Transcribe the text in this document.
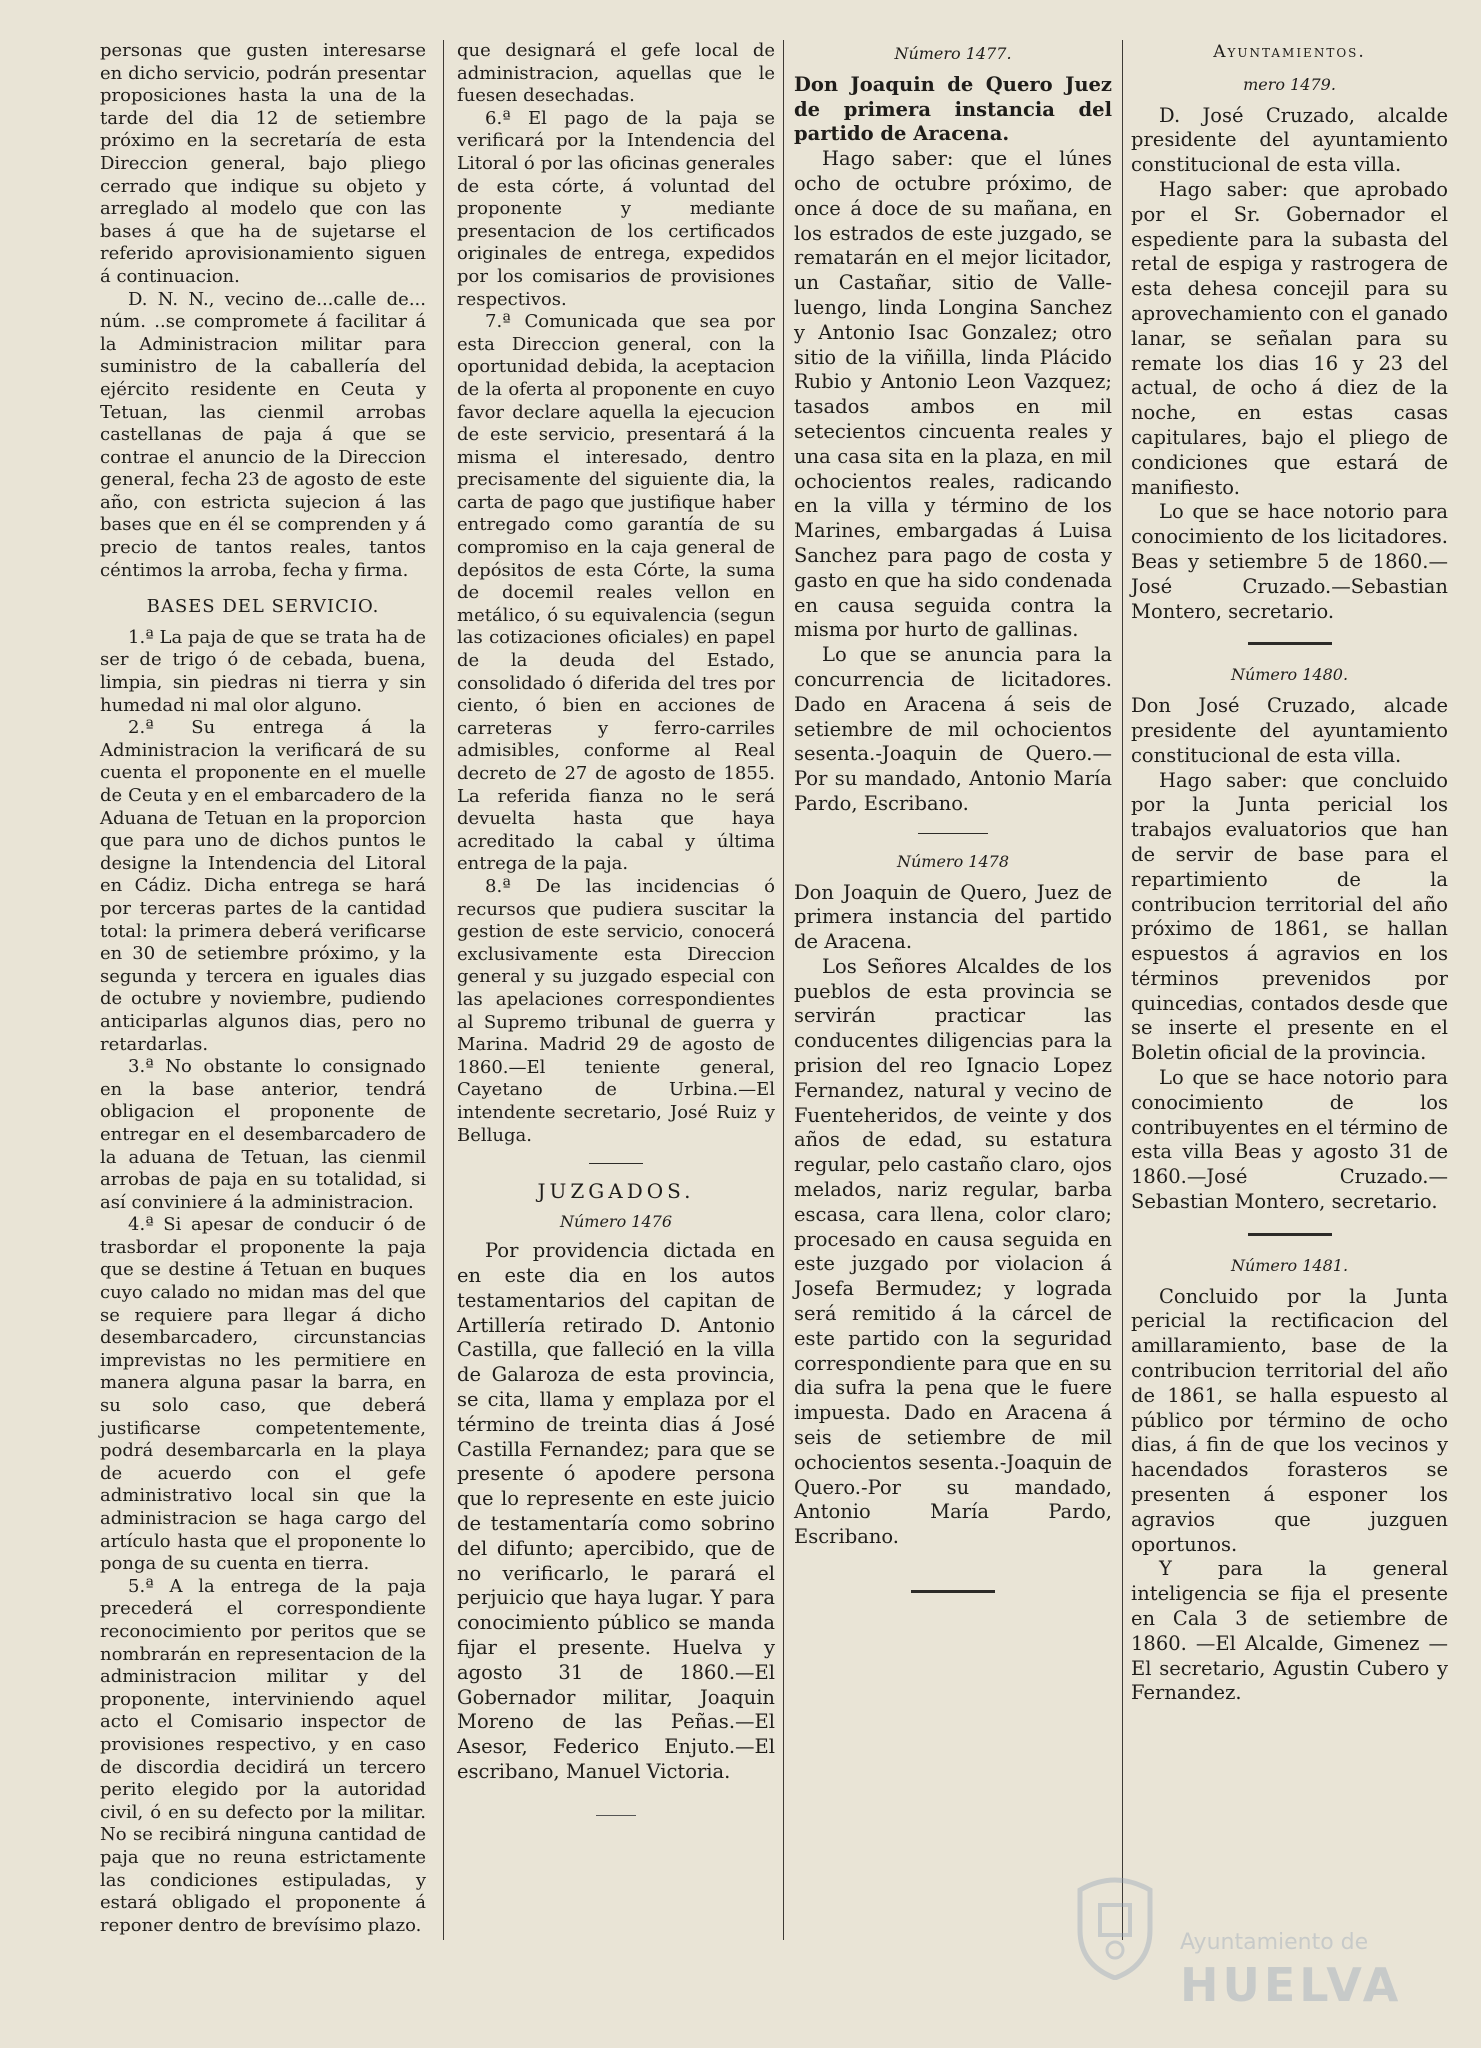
personas que gusten interesarse en dicho servicio, podrán presentar proposiciones hasta la una de la tarde del dia 12 de setiembre próximo en la secretaría de esta Direccion general, bajo pliego cerrado que indique su objeto y arreglado al modelo que con las bases á que ha de sujetarse el referido aprovisionamiento siguen á continuacion.

D. N. N., vecino de...calle de... núm. ..se compromete á facilitar á la Administracion militar para suministro de la caballería del ejército residente en Ceuta y Tetuan, las cienmil arrobas castellanas de paja á que se contrae el anuncio de la Direccion general, fecha 23 de agosto de este año, con estricta sujecion á las bases que en él se comprenden y á precio de tantos reales, tantos céntimos la arroba, fecha y firma.

BASES DEL SERVICIO.

1.ª La paja de que se trata ha de ser de trigo ó de cebada, buena, limpia, sin piedras ni tierra y sin humedad ni mal olor alguno.

2.ª Su entrega á la Administracion la verificará de su cuenta el proponente en el muelle de Ceuta y en el embarcadero de la Aduana de Tetuan en la proporcion que para uno de dichos puntos le designe la Intendencia del Litoral en Cádiz. Dicha entrega se hará por terceras partes de la cantidad total: la primera deberá verificarse en 30 de setiembre próximo, y la segunda y tercera en iguales dias de octubre y noviembre, pudiendo anticiparlas algunos dias, pero no retardarlas.

3.ª No obstante lo consignado en la base anterior, tendrá obligacion el proponente de entregar en el desembarcadero de la aduana de Tetuan, las cienmil arrobas de paja en su totalidad, si así conviniere á la administracion.

4.ª Si apesar de conducir ó de trasbordar el proponente la paja que se destine á Tetuan en buques cuyo calado no midan mas del que se requiere para llegar á dicho desembarcadero, circunstancias imprevistas no les permitiere en manera alguna pasar la barra, en su solo caso, que deberá justificarse competentemente, podrá desembarcarla en la playa de acuerdo con el gefe administrativo local sin que la administracion se haga cargo del artículo hasta que el proponente lo ponga de su cuenta en tierra.

5.ª A la entrega de la paja precederá el correspondiente reconocimiento por peritos que se nombrarán en representacion de la administracion militar y del proponente, interviniendo aquel acto el Comisario inspector de provisiones respectivo, y en caso de discordia decidirá un tercero perito elegido por la autoridad civil, ó en su defecto por la militar. No se recibirá ninguna cantidad de paja que no reuna estrictamente las condiciones estipuladas, y estará obligado el proponente á reponer dentro de brevísimo plazo.

que designará el gefe local de administracion, aquellas que le fuesen desechadas.

6.ª El pago de la paja se verificará por la Intendencia del Litoral ó por las oficinas generales de esta córte, á voluntad del proponente y mediante presentacion de los certificados originales de entrega, expedidos por los comisarios de provisiones respectivos.

7.ª Comunicada que sea por esta Direccion general, con la oportunidad debida, la aceptacion de la oferta al proponente en cuyo favor declare aquella la ejecucion de este servicio, presentará á la misma el interesado, dentro precisamente del siguiente dia, la carta de pago que justifique haber entregado como garantía de su compromiso en la caja general de depósitos de esta Córte, la suma de docemil reales vellon en metálico, ó su equivalencia (segun las cotizaciones oficiales) en papel de la deuda del Estado, consolidado ó diferida del tres por ciento, ó bien en acciones de carreteras y ferro-carriles admisibles, conforme al Real decreto de 27 de agosto de 1855. La referida fianza no le será devuelta hasta que haya acreditado la cabal y última entrega de la paja.

8.ª De las incidencias ó recursos que pudiera suscitar la gestion de este servicio, conocerá exclusivamente esta Direccion general y su juzgado especial con las apelaciones correspondientes al Supremo tribunal de guerra y Marina. Madrid 29 de agosto de 1860.—El teniente general, Cayetano de Urbina.—El intendente secretario, José Ruiz y Belluga.

JUZGADOS.

Número 1476

Por providencia dictada en en este dia en los autos testamentarios del capitan de Artillería retirado D. Antonio Castilla, que falleció en la villa de Galaroza de esta provincia, se cita, llama y emplaza por el término de treinta dias á José Castilla Fernandez; para que se presente ó apodere persona que lo represente en este juicio de testamentaría como sobrino del difunto; apercibido, que de no verificarlo, le parará el perjuicio que haya lugar. Y para conocimiento público se manda fijar el presente. Huelva y agosto 31 de 1860.—El Gobernador militar, Joaquin Moreno de las Peñas.—El Asesor, Federico Enjuto.—El escribano, Manuel Victoria.

Número 1477.

Don Joaquin de Quero Juez de primera instancia del partido de Aracena.

Hago saber: que el lúnes ocho de octubre próximo, de once á doce de su mañana, en los estrados de este juzgado, se rematarán en el mejor licitador, un Castañar, sitio de Valle-luengo, linda Longina Sanchez y Antonio Isac Gonzalez; otro sitio de la viñilla, linda Plácido Rubio y Antonio Leon Vazquez; tasados ambos en mil setecientos cincuenta reales y una casa sita en la plaza, en mil ochocientos reales, radicando en la villa y término de los Marines, embargadas á Luisa Sanchez para pago de costa y gasto en que ha sido condenada en causa seguida contra la misma por hurto de gallinas.

Lo que se anuncia para la concurrencia de licitadores. Dado en Aracena á seis de setiembre de mil ochocientos sesenta.-Joaquin de Quero.—Por su mandado, Antonio María Pardo, Escribano.

Número 1478

Don Joaquin de Quero, Juez de primera instancia del partido de Aracena.

Los Señores Alcaldes de los pueblos de esta provincia se servirán practicar las conducentes diligencias para la prision del reo Ignacio Lopez Fernandez, natural y vecino de Fuenteheridos, de veinte y dos años de edad, su estatura regular, pelo castaño claro, ojos melados, nariz regular, barba escasa, cara llena, color claro; procesado en causa seguida en este juzgado por violacion á Josefa Bermudez; y lograda será remitido á la cárcel de este partido con la seguridad correspondiente para que en su dia sufra la pena que le fuere impuesta. Dado en Aracena á seis de setiembre de mil ochocientos sesenta.-Joaquin de Quero.-Por su mandado, Antonio María Pardo, Escribano.

Ayuntamientos.

mero 1479.

D. José Cruzado, alcalde presidente del ayuntamiento constitucional de esta villa.

Hago saber: que aprobado por el Sr. Gobernador el espediente para la subasta del retal de espiga y rastrogera de esta dehesa concejil para su aprovechamiento con el ganado lanar, se señalan para su remate los dias 16 y 23 del actual, de ocho á diez de la noche, en estas casas capitulares, bajo el pliego de condiciones que estará de manifiesto.

Lo que se hace notorio para conocimiento de los licitadores. Beas y setiembre 5 de 1860.—José Cruzado.—Sebastian Montero, secretario.

Número 1480.

Don José Cruzado, alcade presidente del ayuntamiento constitucional de esta villa.

Hago saber: que concluido por la Junta pericial los trabajos evaluatorios que han de servir de base para el repartimiento de la contribucion territorial del año próximo de 1861, se hallan espuestos á agravios en los términos prevenidos por quincedias, contados desde que se inserte el presente en el Boletin oficial de la provincia.

Lo que se hace notorio para conocimiento de los contribuyentes en el término de esta villa Beas y agosto 31 de 1860.—José Cruzado.—Sebastian Montero, secretario.

Número 1481.

Concluido por la Junta pericial la rectificacion del amillaramiento, base de la contribucion territorial del año de 1861, se halla espuesto al público por término de ocho dias, á fin de que los vecinos y hacendados forasteros se presenten á esponer los agravios que juzguen oportunos.

Y para la general inteligencia se fija el presente en Cala 3 de setiembre de 1860. —El Alcalde, Gimenez —El secretario, Agustin Cubero y Fernandez.

Ayuntamiento de
HUELVA
